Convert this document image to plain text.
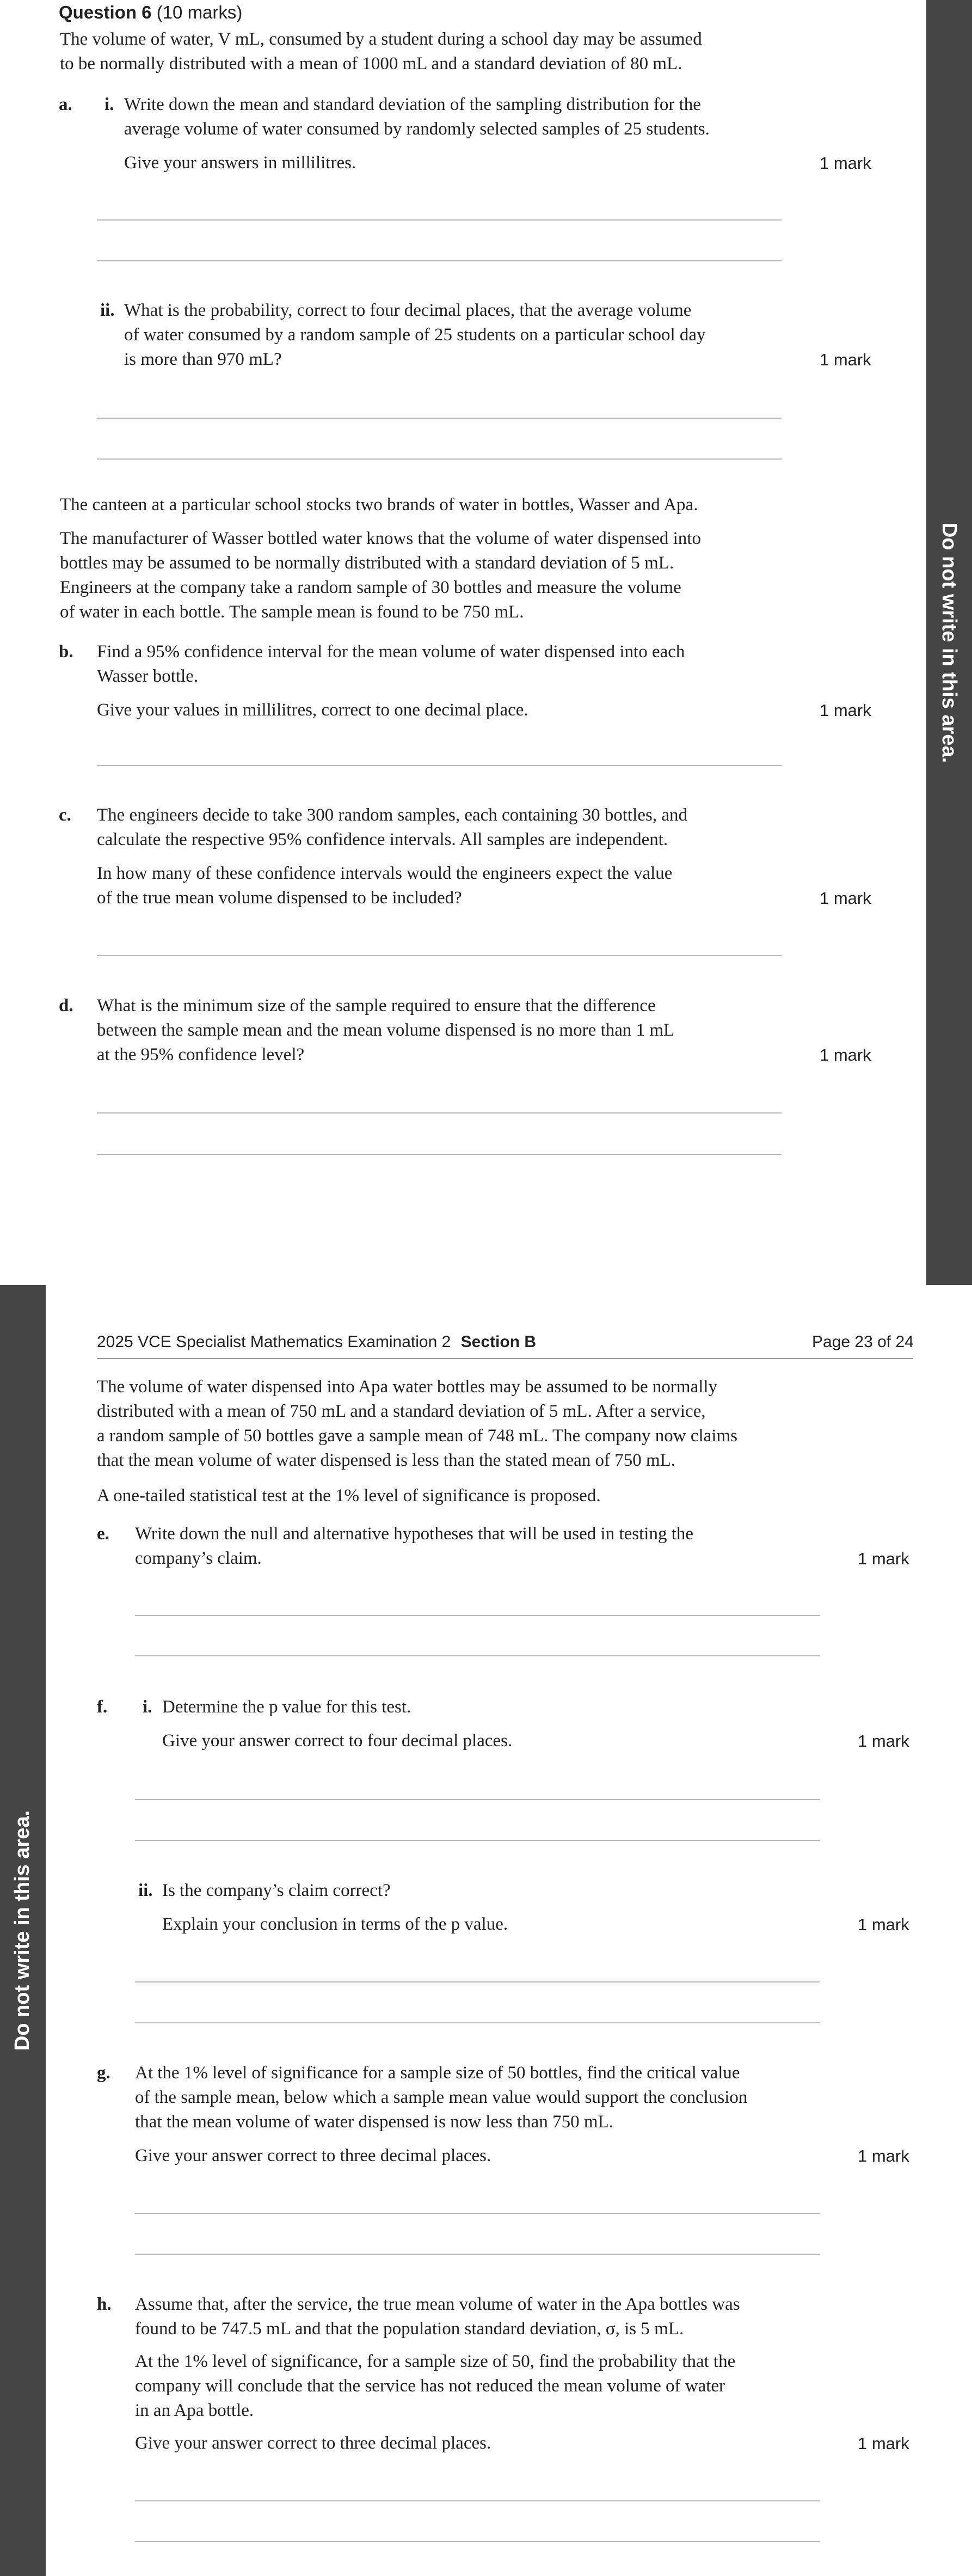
Do not write in this area.
Question 6 (10 marks)
The volume of water, V mL, consumed by a student during a school day may be assumed
to be normally distributed with a mean of 1000 mL and a standard deviation of 80 mL.
a. i. Write down the mean and standard deviation of the sampling distribution for the
average volume of water consumed by randomly selected samples of 25 students.
Give your answers in millilitres.	1 mark
ii. What is the probability, correct to four decimal places, that the average volume
of water consumed by a random sample of 25 students on a particular school day
is more than 970 mL?	1 mark
The canteen at a particular school stocks two brands of water in bottles, Wasser and Apa.
The manufacturer of Wasser bottled water knows that the volume of water dispensed into
bottles may be assumed to be normally distributed with a standard deviation of 5 mL.
Engineers at the company take a random sample of 30 bottles and measure the volume
of water in each bottle. The sample mean is found to be 750 mL.
b. Find a 95% confidence interval for the mean volume of water dispensed into each
Wasser bottle.
Give your values in millilitres, correct to one decimal place.	1 mark
c. The engineers decide to take 300 random samples, each containing 30 bottles, and
calculate the respective 95% confidence intervals. All samples are independent.
In how many of these confidence intervals would the engineers expect the value
of the true mean volume dispensed to be included?	1 mark
d. What is the minimum size of the sample required to ensure that the difference
between the sample mean and the mean volume dispensed is no more than 1 mL
at the 95% confidence level?	1 mark
Do not write in this area.
2025 VCE Specialist Mathematics Examination 2 Section B	Page 23 of 24
The volume of water dispensed into Apa water bottles may be assumed to be normally
distributed with a mean of 750 mL and a standard deviation of 5 mL. After a service,
a random sample of 50 bottles gave a sample mean of 748 mL. The company now claims
that the mean volume of water dispensed is less than the stated mean of 750 mL.
A one-tailed statistical test at the 1% level of significance is proposed.
e. Write down the null and alternative hypotheses that will be used in testing the
company’s claim.	1 mark
f. i. Determine the p value for this test.
Give your answer correct to four decimal places.	1 mark
ii. Is the company’s claim correct?
Explain your conclusion in terms of the p value.	1 mark
g. At the 1% level of significance for a sample size of 50 bottles, find the critical value
of the sample mean, below which a sample mean value would support the conclusion
that the mean volume of water dispensed is now less than 750 mL.
Give your answer correct to three decimal places.	1 mark
h. Assume that, after the service, the true mean volume of water in the Apa bottles was
found to be 747.5 mL and that the population standard deviation, σ, is 5 mL.
At the 1% level of significance, for a sample size of 50, find the probability that the
company will conclude that the service has not reduced the mean volume of water
in an Apa bottle.
Give your answer correct to three decimal places.	1 mark
